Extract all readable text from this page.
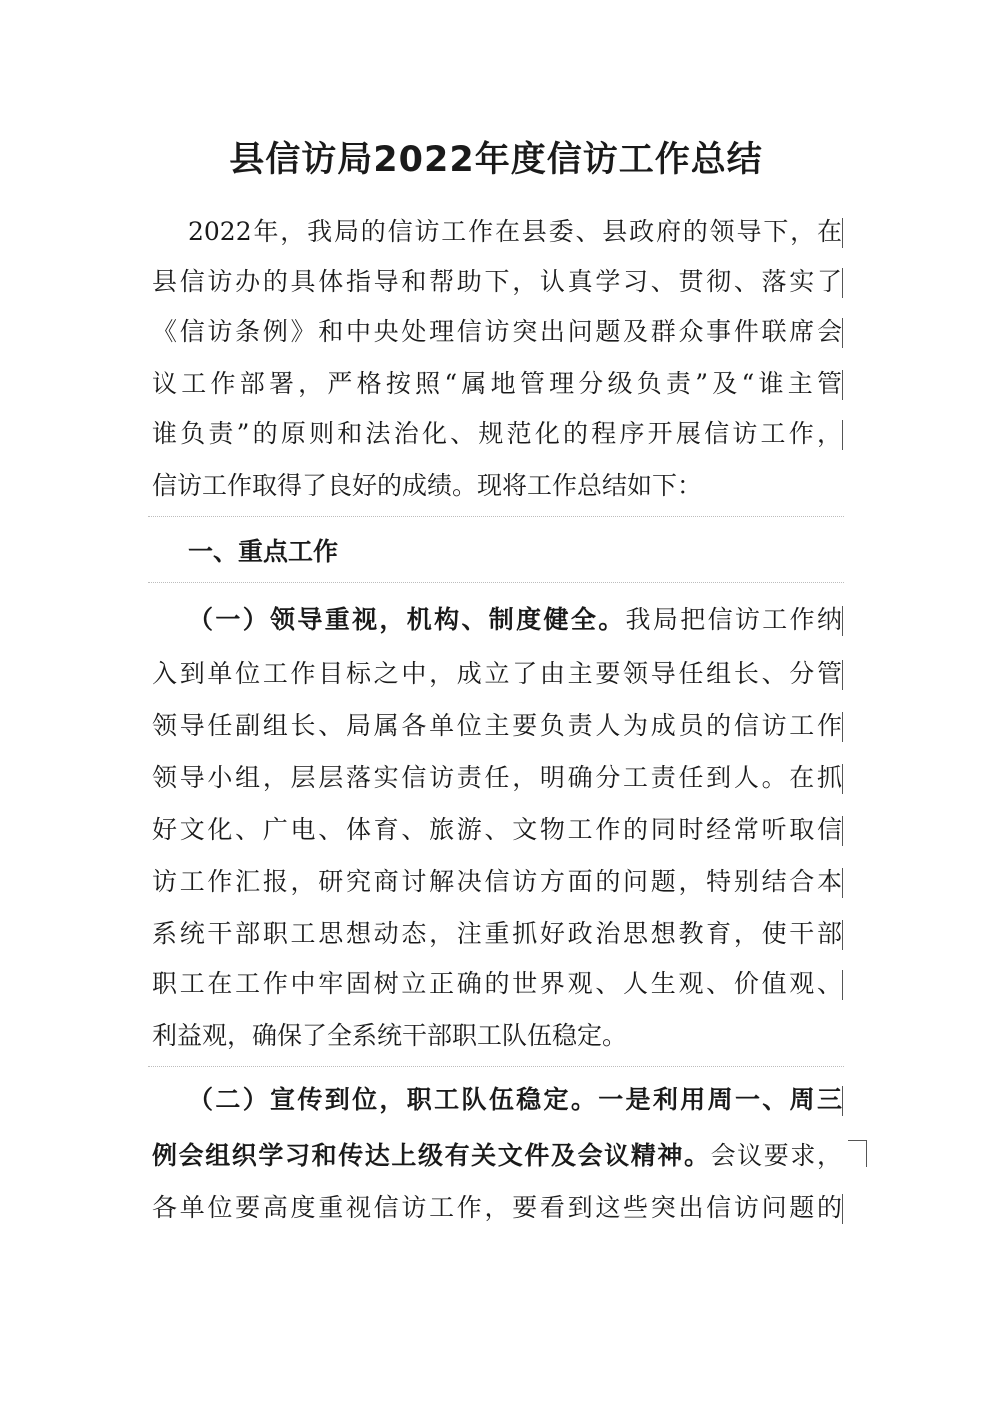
县信访局2022年度信访工作总结
2022年，我局的信访工作在县委、县政府的领导下，在
县信访办的具体指导和帮助下，认真学习、贯彻、落实了
《信访条例》和中央处理信访突出问题及群众事件联席会
议工作部署，严格按照“属地管理分级负责”及“谁主管
谁负责”的原则和法治化、规范化的程序开展信访工作，
信访工作取得了良好的成绩。现将工作总结如下：
一、重点工作
（一）领导重视，机构、制度健全。我局把信访工作纳
入到单位工作目标之中，成立了由主要领导任组长、分管
领导任副组长、局属各单位主要负责人为成员的信访工作
领导小组，层层落实信访责任，明确分工责任到人。在抓
好文化、广电、体育、旅游、文物工作的同时经常听取信
访工作汇报，研究商讨解决信访方面的问题，特别结合本
系统干部职工思想动态，注重抓好政治思想教育，使干部
职工在工作中牢固树立正确的世界观、人生观、价值观、
利益观，确保了全系统干部职工队伍稳定。
（二）宣传到位，职工队伍稳定。一是利用周一、周三
例会组织学习和传达上级有关文件及会议精神。会议要求，
各单位要高度重视信访工作，要看到这些突出信访问题的
